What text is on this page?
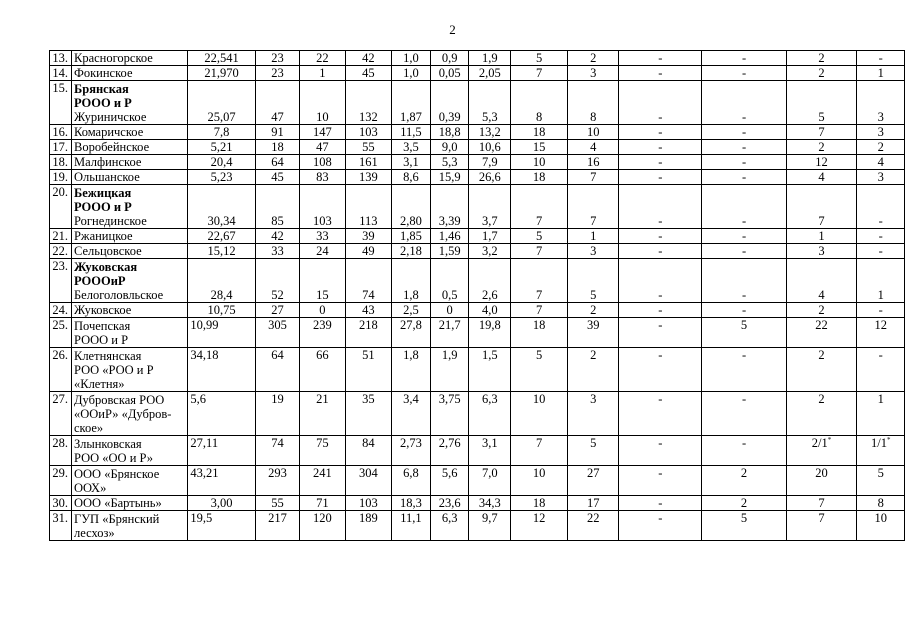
2
13.	Красногорское	22,541	23	22	42	1,0	0,9	1,9	5	2	-	-	2	-
14.	Фокинское	21,970	23	1	45	1,0	0,05	2,05	7	3	-	-	2	1
15.	Брянская
РООО и Р
Журиничское	25,07	47	10	132	1,87	0,39	5,3	8	8	-	-	5	3
16.	Комаричское	7,8	91	147	103	11,5	18,8	13,2	18	10	-	-	7	3
17.	Воробейнское	5,21	18	47	55	3,5	9,0	10,6	15	4	-	-	2	2
18.	Малфинское	20,4	64	108	161	3,1	5,3	7,9	10	16	-	-	12	4
19.	Ольшанское	5,23	45	83	139	8,6	15,9	26,6	18	7	-	-	4	3
20.	Бежицкая
РООО и Р
Рогнединское	30,34	85	103	113	2,80	3,39	3,7	7	7	-	-	7	-
21.	Ржаницкое	22,67	42	33	39	1,85	1,46	1,7	5	1	-	-	1	-
22.	Сельцовское	15,12	33	24	49	2,18	1,59	3,2	7	3	-	-	3	-
23.	Жуковская
РОООиР
Белоголовльское	28,4	52	15	74	1,8	0,5	2,6	7	5	-	-	4	1
24.	Жуковское	10,75	27	0	43	2,5	0	4,0	7	2	-	-	2	-
25.	Почепская
РООО и Р	10,99	305	239	218	27,8	21,7	19,8	18	39	-	5	22	12
26.	Клетнянская
РОО «РОО и Р
«Клетня»	34,18	64	66	51	1,8	1,9	1,5	5	2	-	-	2	-
27.	Дубровская РОО
«ООиР» «Дубров-
ское»	5,6	19	21	35	3,4	3,75	6,3	10	3	-	-	2	1
28.	Злынковская
РОО «ОО и Р»	27,11	74	75	84	2,73	2,76	3,1	7	5	-	-	2/1*	1/1*
29.	ООО «Брянское
ООХ»	43,21	293	241	304	6,8	5,6	7,0	10	27	-	2	20	5
30.	ООО «Бартынь»	3,00	55	71	103	18,3	23,6	34,3	18	17	-	2	7	8
31.	ГУП «Брянский
лесхоз»	19,5	217	120	189	11,1	6,3	9,7	12	22	-	5	7	10
